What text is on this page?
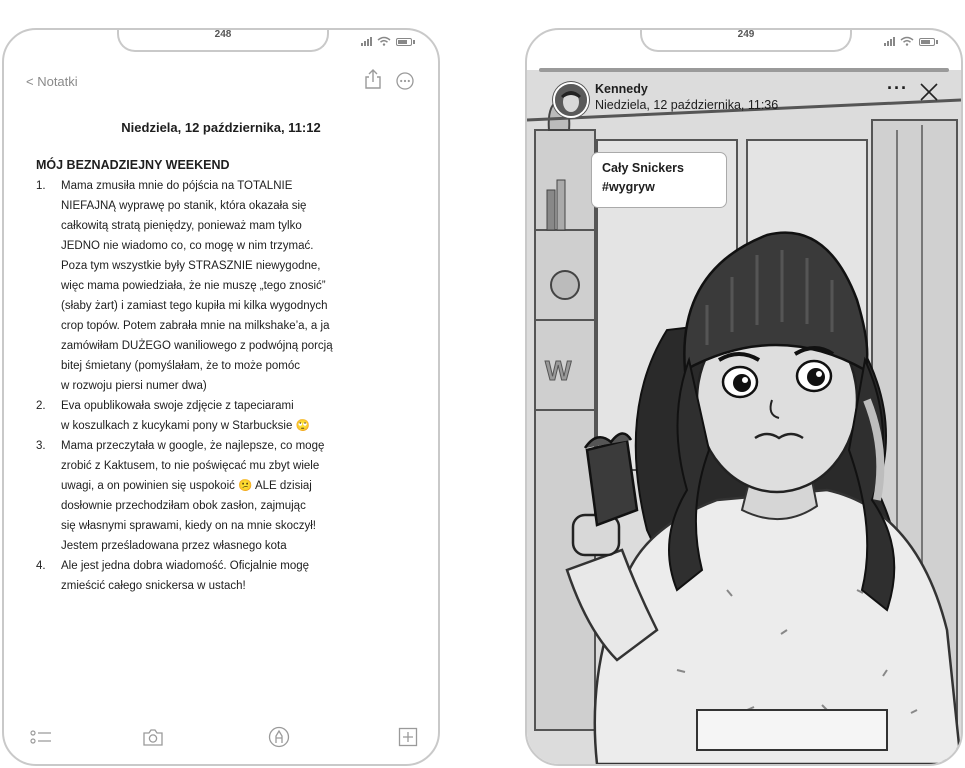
248
< Notatki
Niedziela, 12 października, 11:12
MÓJ BEZNADZIEJNY WEEKEND
1. Mama zmusiła mnie do pójścia na TOTALNIE
NIEFAJNĄ wyprawę po stanik, która okazała się
całkowitą stratą pieniędzy, ponieważ mam tylko
JEDNO nie wiadomo co, co mogę w nim trzymać.
Poza tym wszystkie były STRASZNIE niewygodne,
więc mama powiedziała, że nie muszę „tego znosić”
(słaby żart) i zamiast tego kupiła mi kilka wygodnych
crop topów. Potem zabrała mnie na milkshake’a, a ja
zamówiłam DUŻEGO waniliowego z podwójną porcją
bitej śmietany (pomyślałam, że to może pomóc
w rozwoju piersi numer dwa)
2. Eva opublikowała swoje zdjęcie z tapeciarami
w koszulkach z kucykami pony w Starbucksie 🙄
3. Mama przeczytała w google, że najlepsze, co mogę
zrobić z Kaktusem, to nie poświęcać mu zbyt wiele
uwagi, a on powinien się uspokoić 😕 ALE dzisiaj
dosłownie przechodziłam obok zasłon, zajmując
się własnymi sprawami, kiedy on na mnie skoczył!
Jestem prześladowana przez własnego kota
4. Ale jest jedna dobra wiadomość. Oficjalnie mogę
zmieścić całego snickersa w ustach!
249
W
Kennedy
Niedziela, 12 października, 11:36
···
Cały Snickers
#wygryw
